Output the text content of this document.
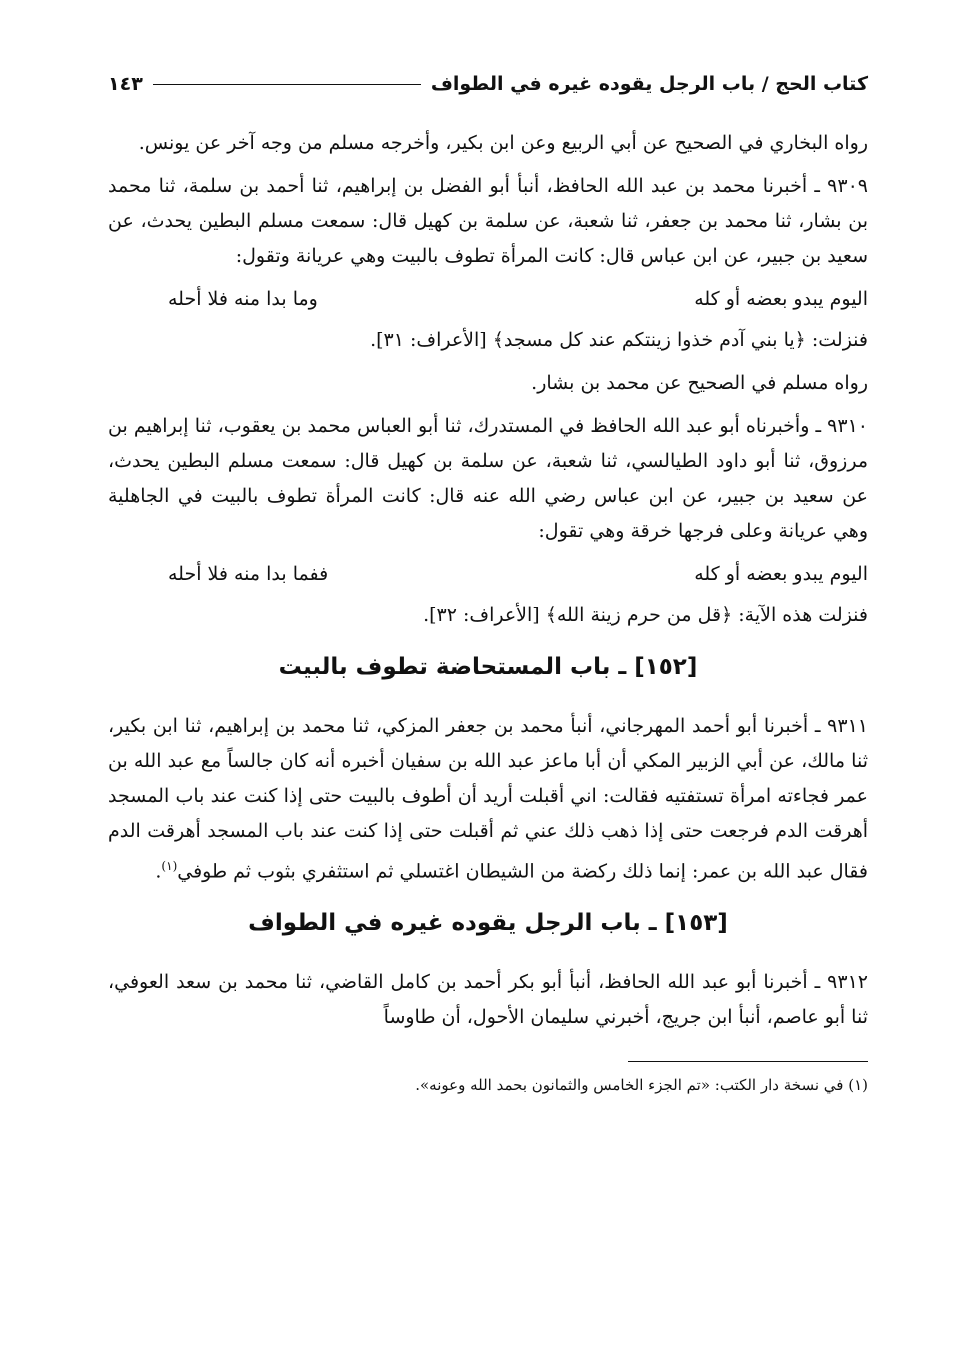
كتاب الحج / باب الرجل يقوده غيره في الطواف
١٤٣

رواه البخاري في الصحيح عن أبي الربيع وعن ابن بكير، وأخرجه مسلم من وجه آخر عن يونس.

٩٣٠٩ ـ أخبرنا محمد بن عبد الله الحافظ، أنبأ أبو الفضل بن إبراهيم، ثنا أحمد بن سلمة، ثنا محمد بن بشار، ثنا محمد بن جعفر، ثنا شعبة، عن سلمة بن كهيل قال: سمعت مسلم البطين يحدث، عن سعيد بن جبير، عن ابن عباس قال: كانت المرأة تطوف بالبيت وهي عريانة وتقول:

اليوم يبدو بعضه أو كله
وما بدا منه فلا أحله

فنزلت: ﴿يا بني آدم خذوا زينتكم عند كل مسجد﴾ [الأعراف: ٣١].

رواه مسلم في الصحيح عن محمد بن بشار.

٩٣١٠ ـ وأخبرناه أبو عبد الله الحافظ في المستدرك، ثنا أبو العباس محمد بن يعقوب، ثنا إبراهيم بن مرزوق، ثنا أبو داود الطيالسي، ثنا شعبة، عن سلمة بن كهيل قال: سمعت مسلم البطين يحدث، عن سعيد بن جبير، عن ابن عباس رضي الله عنه قال: كانت المرأة تطوف بالبيت في الجاهلية وهي عريانة وعلى فرجها خرقة وهي تقول:

اليوم يبدو بعضه أو كله
ففما بدا منه فلا أحله

فنزلت هذه الآية: ﴿قل من حرم زينة الله﴾ [الأعراف: ٣٢].

[١٥٢] ـ باب المستحاضة تطوف بالبيت

٩٣١١ ـ أخبرنا أبو أحمد المهرجاني، أنبأ محمد بن جعفر المزكي، ثنا محمد بن إبراهيم، ثنا ابن بكير، ثنا مالك، عن أبي الزبير المكي أن أبا ماعز عبد الله بن سفيان أخبره أنه كان جالساً مع عبد الله بن عمر فجاءته امرأة تستفتيه فقالت: اني أقبلت أريد أن أطوف بالبيت حتى إذا كنت عند باب المسجد أهرقت الدم فرجعت حتى إذا ذهب ذلك عني ثم أقبلت حتى إذا كنت عند باب المسجد أهرقت الدم فقال عبد الله بن عمر: إنما ذلك ركضة من الشيطان اغتسلي ثم استثفري بثوب ثم طوفي$^{(١)}$.

[١٥٣] ـ باب الرجل يقوده غيره في الطواف

٩٣١٢ ـ أخبرنا أبو عبد الله الحافظ، أنبأ أبو بكر أحمد بن كامل القاضي، ثنا محمد بن سعد العوفي، ثنا أبو عاصم، أنبأ ابن جريج، أخبرني سليمان الأحول، أن طاوساً

(١) في نسخة دار الكتب: «تم الجزء الخامس والثمانون بحمد الله وعونه».
